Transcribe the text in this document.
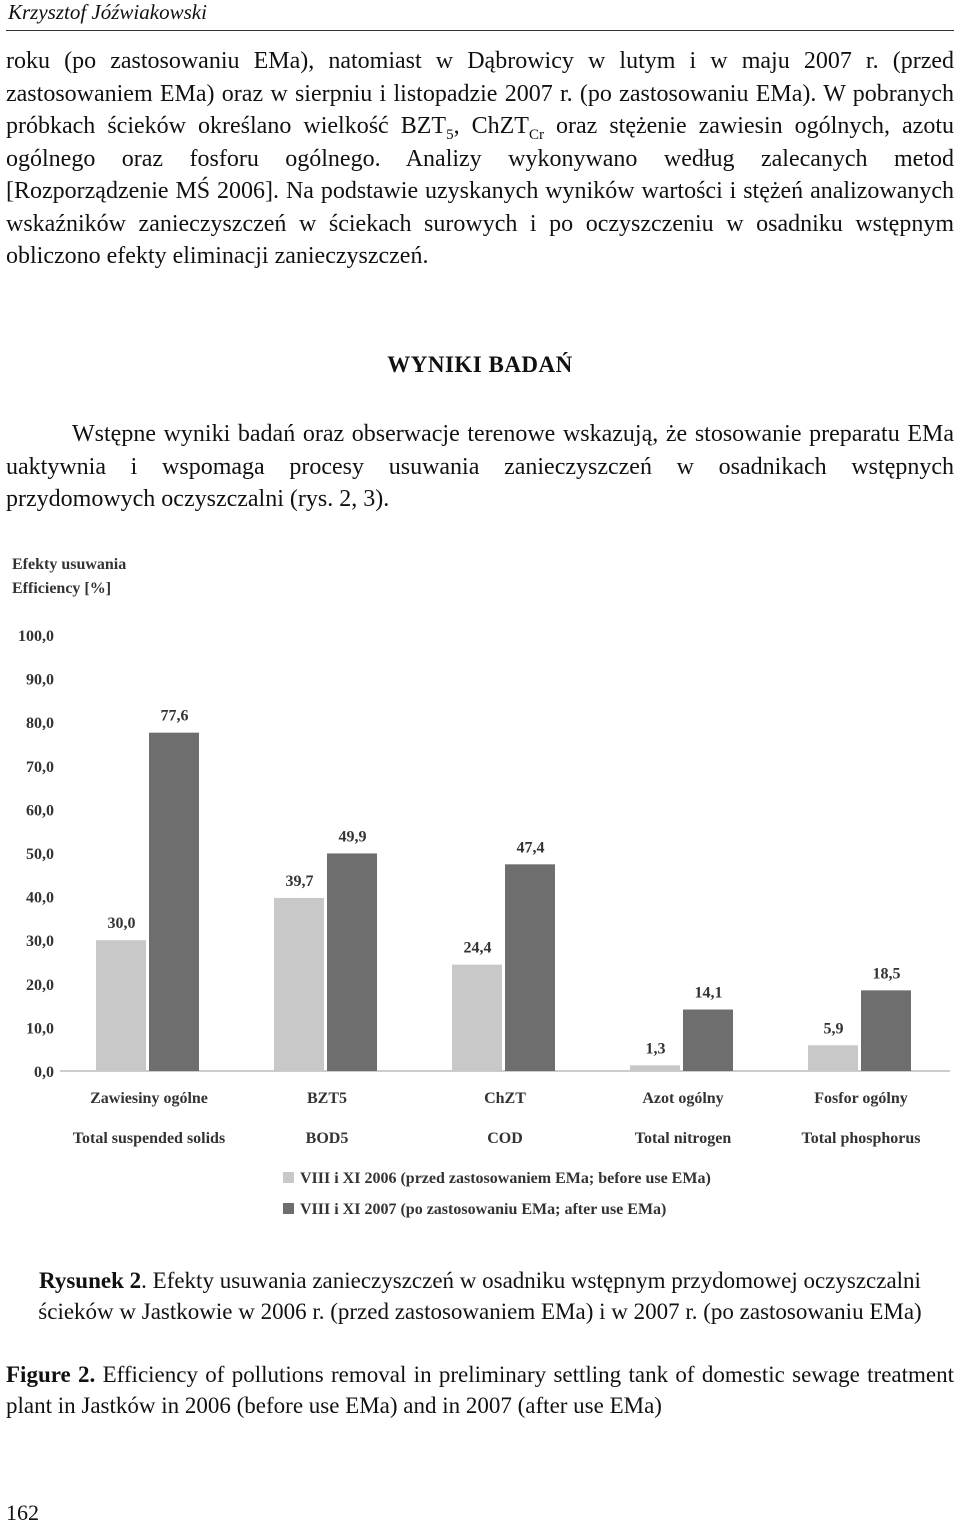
Krzysztof Jóźwiakowski

roku (po zastosowaniu EMa), natomiast w Dąbrowicy w lutym i w maju 2007 r. (przed zastosowaniem EMa) oraz w sierpniu i listopadzie 2007 r. (po zastosowaniu EMa). W pobranych próbkach ścieków określano wielkość $BZT_5$, ChZT$_{Cr}$ oraz stężenie zawiesin ogólnych, azotu ogólnego oraz fosforu ogólnego. Analizy wykonywano według zalecanych metod [Rozporządzenie MŚ 2006]. Na podstawie uzyskanych wyników wartości i stężeń analizowanych wskaźników zanieczyszczeń w ściekach surowych i po oczyszczeniu w osadniku wstępnym obliczono efekty eliminacji zanieczyszczeń.

WYNIKI BADAŃ

Wstępne wyniki badań oraz obserwacje terenowe wskazują, że stosowanie preparatu EMa uaktywnia i wspomaga procesy usuwania zanieczyszczeń w osadnikach wstępnych przydomowych oczyszczalni (rys. 2, 3).

Efekty usuwania
Efficiency [%]
0,0
10,0
20,0
30,0
40,0
50,0
60,0
70,0
80,0
90,0
100,0
30,0
77,6
Zawiesiny ogólne
Total suspended solids
39,7
49,9
BZT5
BOD5
24,4
47,4
ChZT
COD
1,3
14,1
Azot ogólny
Total nitrogen
5,9
18,5
Fosfor ogólny
Total phosphorus
VIII i XI 2006 (przed zastosowaniem EMa; before use EMa)
VIII i XI 2007 (po zastosowaniu EMa; after use EMa)

Rysunek 2. Efekty usuwania zanieczyszczeń w osadniku wstępnym przydomowej oczyszczalni ścieków w Jastkowie w 2006 r. (przed zastosowaniem EMa) i w 2007 r. (po zastosowaniu EMa)

Figure 2. Efficiency of pollutions removal in preliminary settling tank of domestic sewage treatment plant in Jastków in 2006 (before use EMa) and in 2007 (after use EMa)

162
